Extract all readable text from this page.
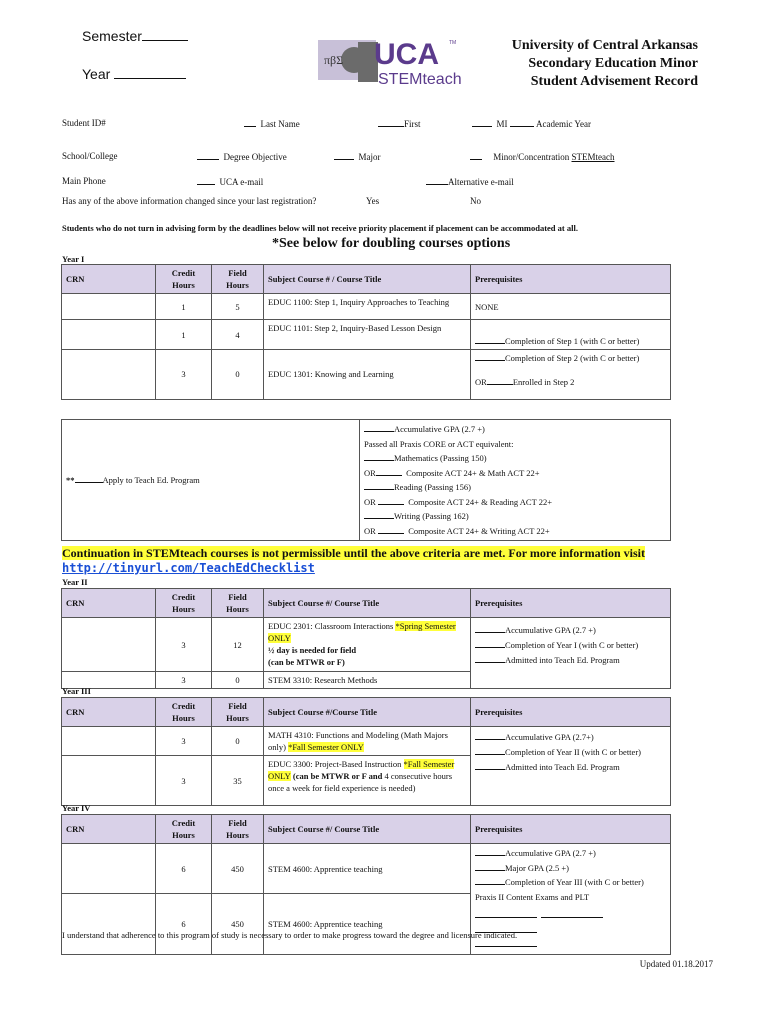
Semester
Year
πβΣ UCA TM
STEMteach
University of Central Arkansas
Secondary Education Minor
Student Advisement Record
Student ID#	Last Name	First	MI	Academic Year
School/College	Degree Objective	Major	Minor/Concentration STEMteach
Main Phone	UCA e-mail	Alternative e-mail
Has any of the above information changed since your last registration?	Yes	No
Students who do not turn in advising form by the deadlines below will not receive priority placement if placement can be accommodated at all.
*See below for doubling courses options
Year I
CRN	Credit Hours	Field Hours	Subject Course # / Course Title	Prerequisites
	1	5	EDUC 1100: Step 1, Inquiry Approaches to Teaching	NONE
	1	4	EDUC 1101: Step 2, Inquiry-Based Lesson Design	Completion of Step 1 (with C or better)
	3	0	EDUC 1301: Knowing and Learning	Completion of Step 2 (with C or better)
OR Enrolled in Step 2
**	Apply to Teach Ed. Program	
Accumulative GPA (2.7 +)
Passed all Praxis CORE or ACT equivalent:
Mathematics (Passing 150)
OR	Composite ACT 24+ & Math ACT 22+
Reading (Passing 156)
OR	Composite ACT 24+ & Reading ACT 22+
Writing (Passing 162)
OR	Composite ACT 24+ & Writing ACT 22+
Continuation in STEMteach courses is not permissible until the above criteria are met. For more information visit
http://tinyurl.com/TeachEdChecklist
Year II
CRN	Credit Hours	Field Hours	Subject Course #/ Course Title	Prerequisites
	3	12	EDUC 2301: Classroom Interactions *Spring Semester ONLY
½ day is needed for field
(can be MTWR or F)	Accumulative GPA (2.7 +)
Completion of Year I (with C or better)
Admitted into Teach Ed. Program

	3	0	STEM 3310: Research Methods	
Year III
CRN	Credit Hours	Field Hours	Subject Course #/Course Title	Prerequisites
	3	0	MATH 4310: Functions and Modeling (Math Majors only) *Fall Semester ONLY	Accumulative GPA (2.7+)
Completion of Year II (with C or better)
Admitted into Teach Ed. Program

	3	35	EDUC 3300: Project-Based Instruction *Fall Semester ONLY (can be MTWR or F and 4 consecutive hours once a week for field experience is needed)	
Year IV
CRN	Credit Hours	Field Hours	Subject Course #/ Course Title	Prerequisites
	6	450	STEM 4600: Apprentice teaching	Accumulative GPA (2.7 +)
Major GPA (2.5 +)
Completion of Year III (with C or better)
Praxis II Content Exams and PLT

	6	450	STEM 4600: Apprentice teaching	
I understand that adherence to this program of study is necessary to order to make progress toward the degree and licensure indicated.
Updated 01.18.2017
